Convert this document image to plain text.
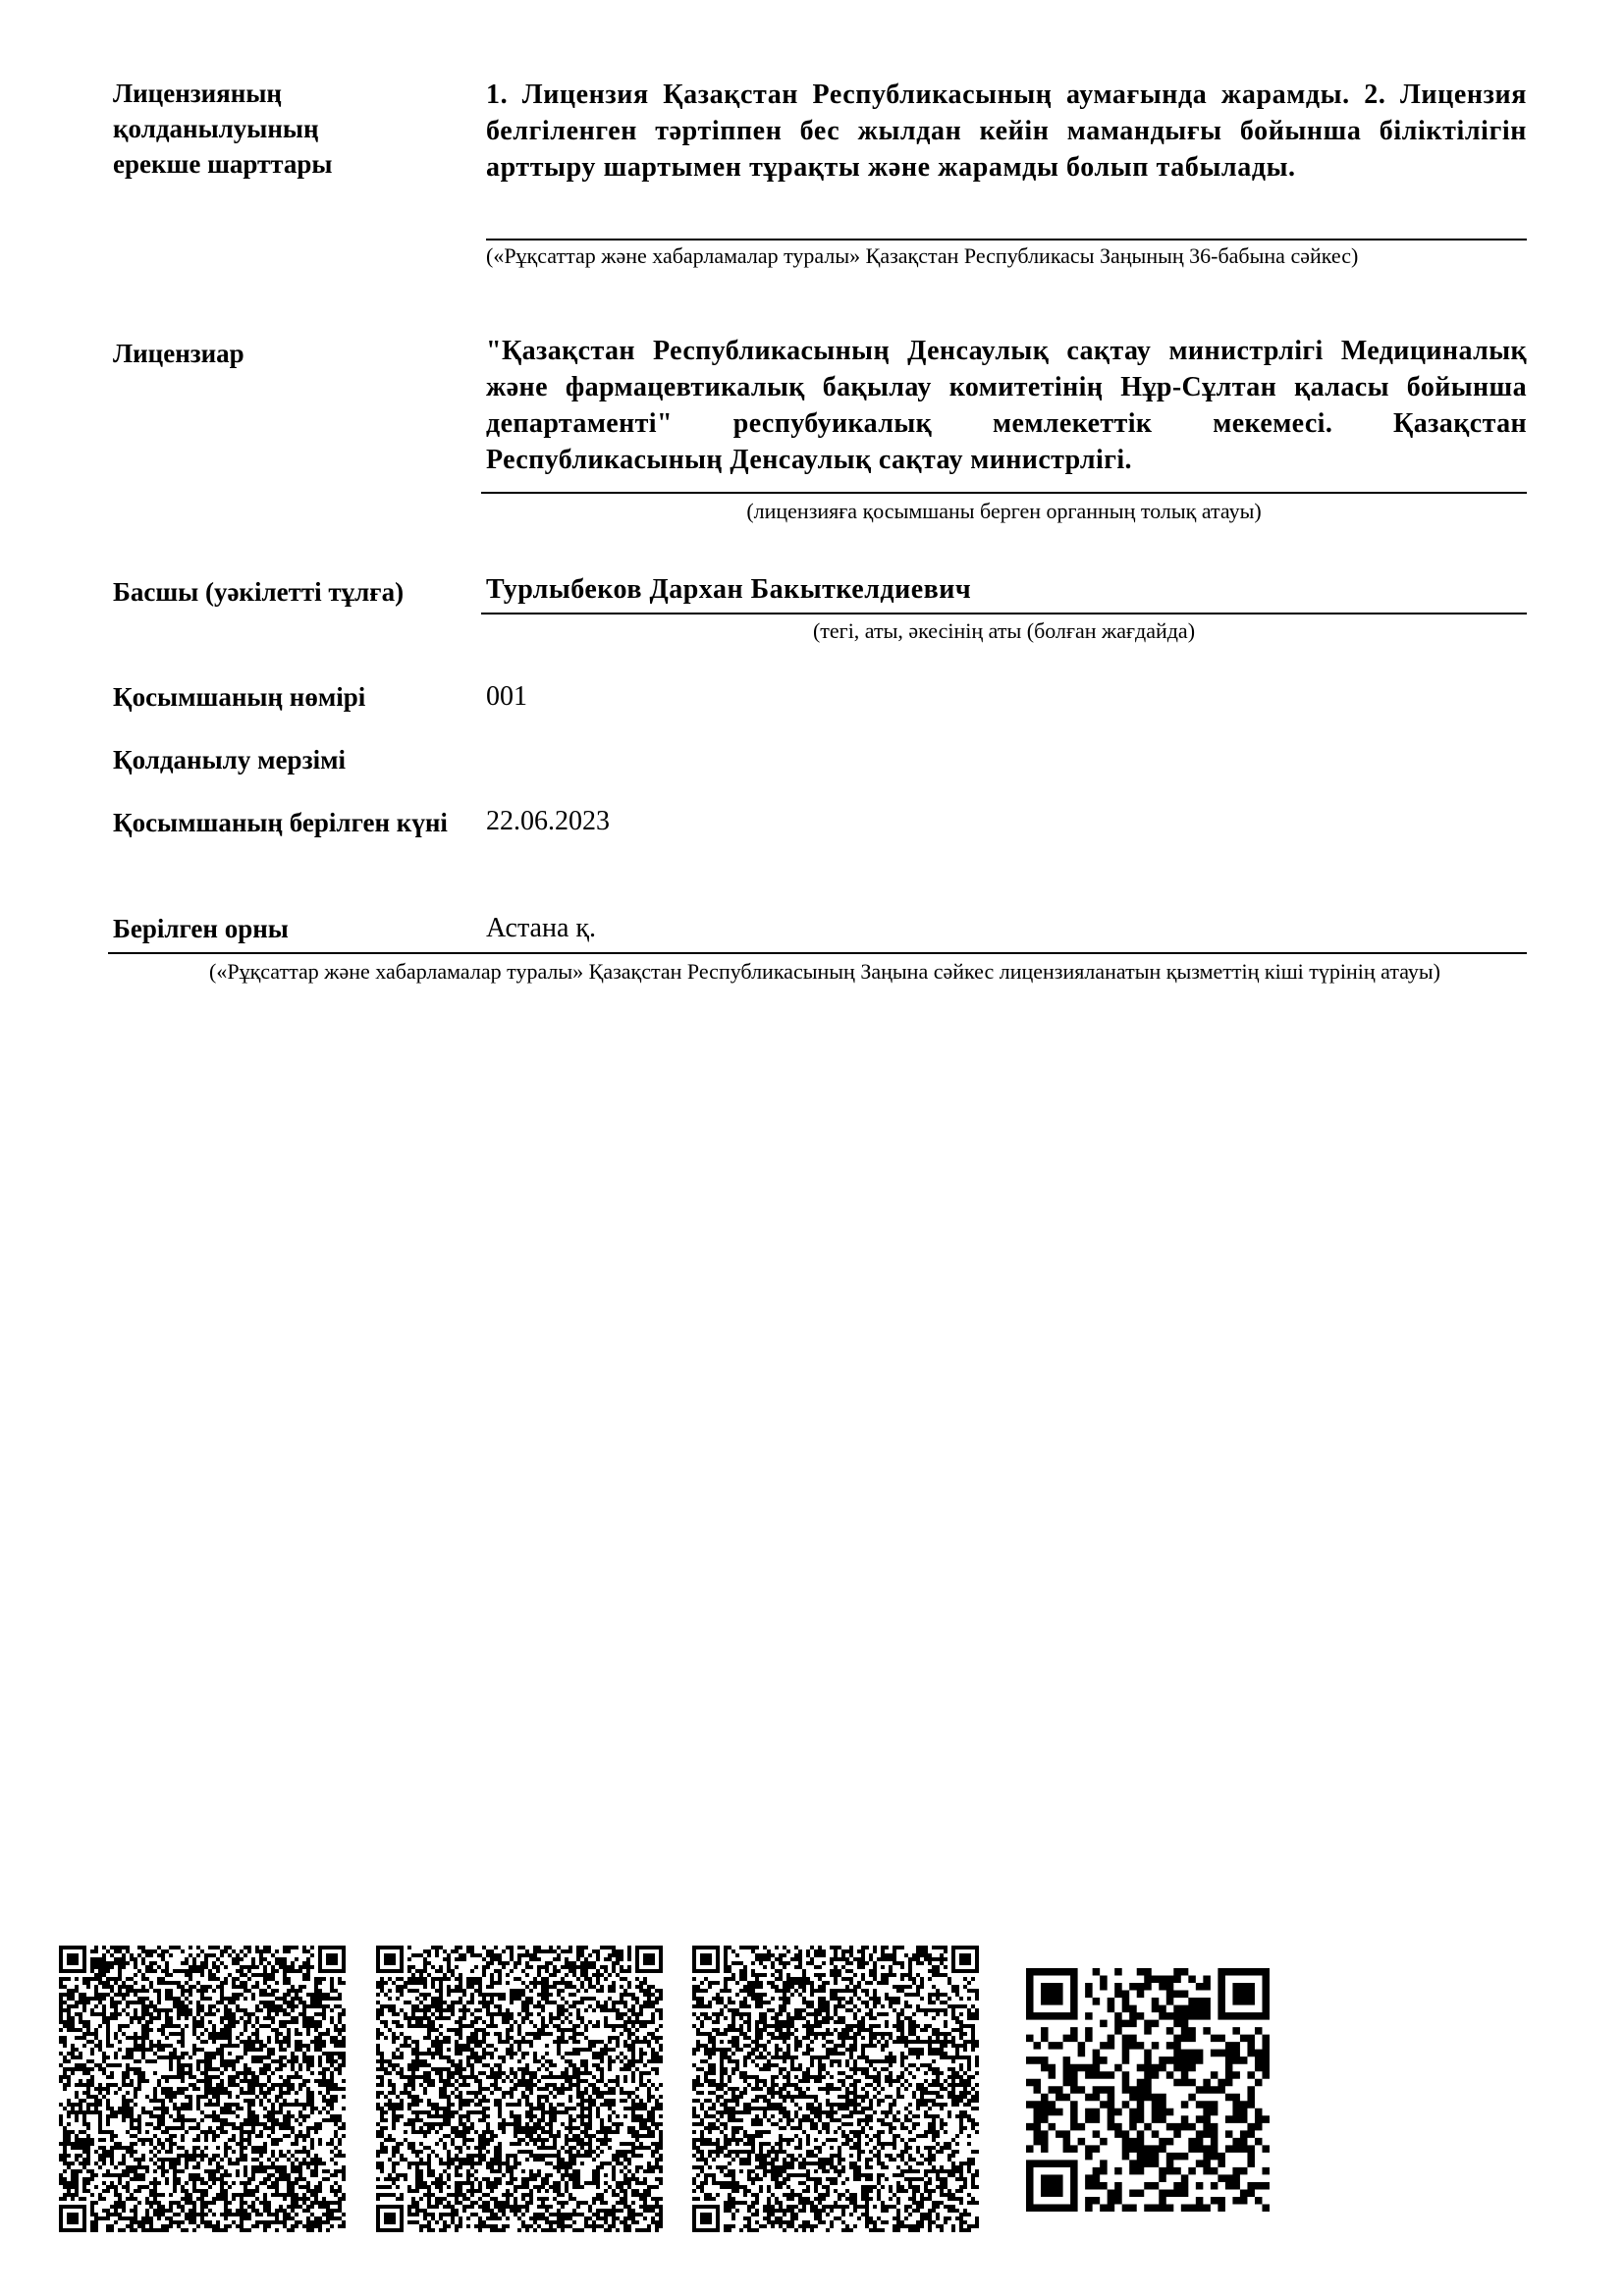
Лицензияның қолданылуының ерекше шарттары
1. Лицензия Қазақстан Республикасының аумағында жарамды. 2. Лицензия белгіленген тәртіппен бес жылдан кейін мамандығы бойынша біліктілігін арттыру шартымен тұрақты және жарамды болып табылады.
(«Рұқсаттар және хабарламалар туралы» Қазақстан Республикасы Заңының 36-бабына сәйкес)
Лицензиар	"Қазақстан Республикасының Денсаулық сақтау министрлігі Медициналық және фармацевтикалық бақылау комитетінің Нұр-Сұлтан қаласы бойынша департаменті" респубуикалық мемлекеттік мекемесі. Қазақстан Республикасының Денсаулық сақтау министрлігі.
(лицензияға қосымшаны берген органның толық атауы)
Басшы (уәкілетті тұлға)	Турлыбеков Дархан Бакыткелдиевич
(тегі, аты, әкесінің аты (болған жағдайда)
Қосымшаның нөмірі	001
Қолданылу мерзімі
Қосымшаның берілген күні	22.06.2023
Берілген орны	Астана қ.
(«Рұқсаттар және хабарламалар туралы» Қазақстан Республикасының Заңына сәйкес лицензияланатын қызметтің кіші түрінің атауы)
